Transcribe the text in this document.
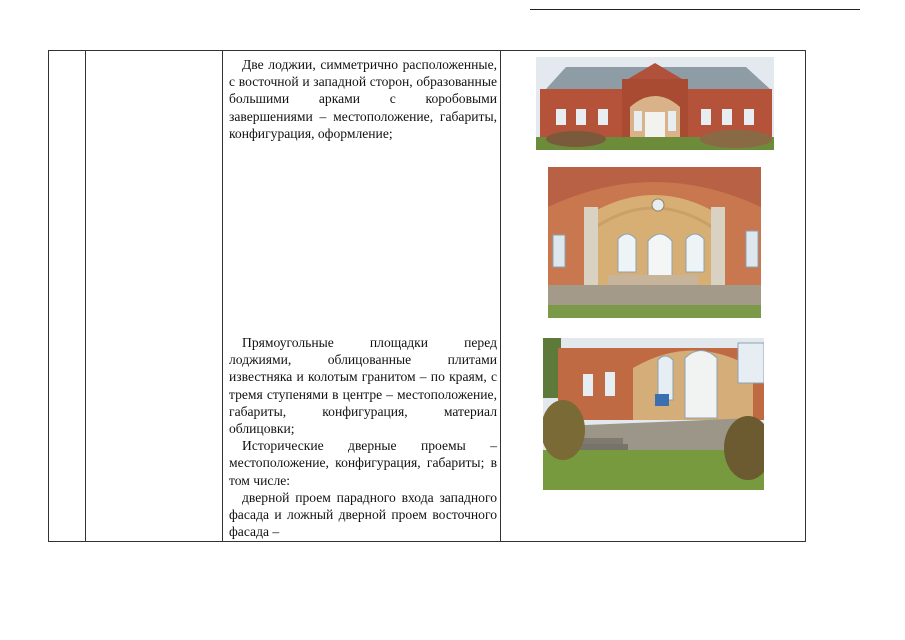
Две лоджии, симметрично расположенные, с восточной и западной сторон, образованные большими арками с коробовыми завершениями – местоположение, габариты, конфигурация, оформление;

Прямоугольные площадки перед лоджиями, облицованные плитами известняка и колотым гранитом – по краям, с тремя ступенями в центре – местоположение, габариты, конфигурация, материал облицовки;

Исторические дверные проемы – местоположение, конфигурация, габариты; в том числе:

дверной проем парадного входа западного фасада и ложный дверной проем восточного фасада –
